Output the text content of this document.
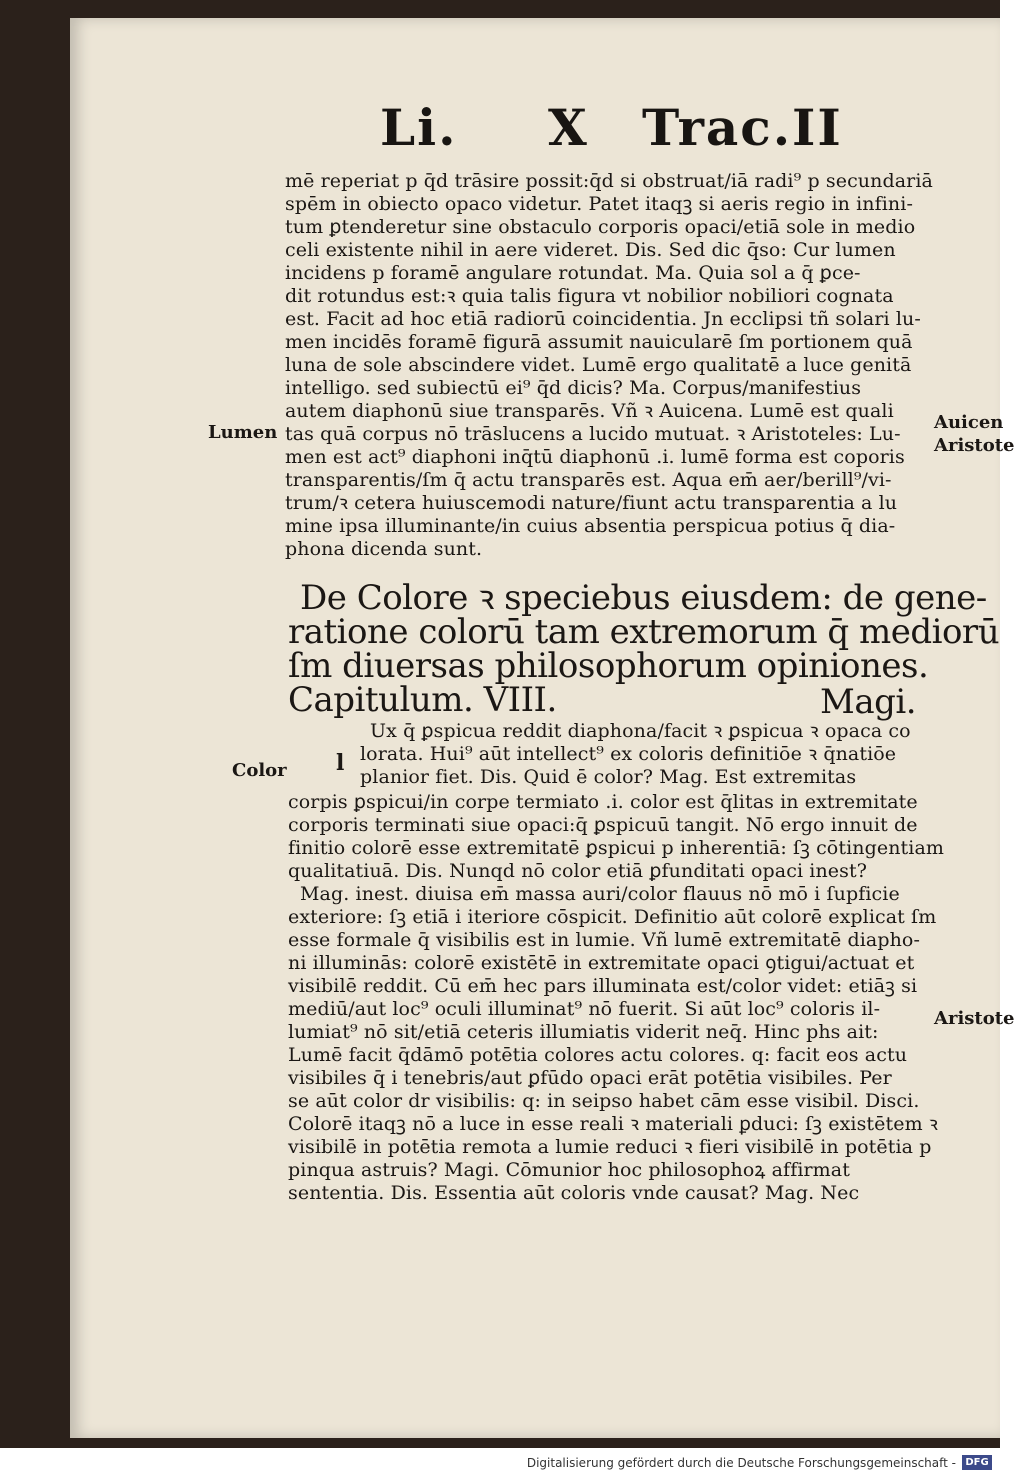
Li. X Trac. II
mē reperiat p q̄d trāsire possit:q̄d si obstruat/iā radi⁹ p secundariā
spēm in obiecto opaco videtur. Patet itaqꝫ si aeris regio in infini-
tum ꝑtenderetur sine obstaculo corporis opaci/etiā sole in medio
celi existente nihil in aere videret. Dis. Sed dic q̄so: Cur lumen
incidens p foramē angulare rotundat. Ma. Quia sol a q̄ ꝑce-
dit rotundus est:ꝛ quia talis figura vt nobilior nobiliori cognata
est. Facit ad hoc etiā radiorū coincidentia. Jn ecclipsi tñ solari lu-
men incidēs foramē figurā assumit nauicularē ſm portionem quā
luna de sole abscindere videt. Lumē ergo qualitatē a luce genitā
intelligo. sed subiectū ei⁹ q̄d dicis? Ma. Corpus/manifestius
autem diaphonū siue transparēs. Vñ ꝛ Auicena. Lumē est quali
tas quā corpus nō trāslucens a lucido mutuat. ꝛ Aristoteles: Lu-
men est act⁹ diaphoni inq̄tū diaphonū .i. lumē forma est coporis
transparentis/ſm q̄ actu transparēs est. Aqua em̄ aer/berill⁹/vi-
trum/ꝛ cetera huiuscemodi nature/fiunt actu transparentia a lu
mine ipsa illuminante/in cuius absentia perspicua potius q̄ dia-
phona dicenda sunt.
De Colore ꝛ speciebus eiusdem: de gene-
ratione colorū tam extremorum q̄ mediorū
ſm diuersas philosophorum opiniones.
Capitulum. VIII.	Magi.
l
Ux q̄ ꝑspicua reddit diaphona/facit ꝛ ꝑspicua ꝛ opaca co
lorata. Hui⁹ aūt intellect⁹ ex coloris definitiōe ꝛ q̄natiōe
planior fiet. Dis. Quid ē color? Mag. Est extremitas
corpis ꝑspicui/in corpe termiato .i. color est q̄litas in extremitate
corporis terminati siue opaci:q̄ ꝑspicuū tangit. Nō ergo innuit de
finitio colorē esse extremitatē ꝑspicui p inherentiā: ſꝫ cōtingentiam
qualitatiuā. Dis. Nunqd nō color etiā ꝑfunditati opaci inest?
Mag. inest. diuisa em̄ massa auri/color flauus nō mō i ſupficie
exteriore: ſꝫ etiā i iteriore cōspicit. Definitio aūt colorē explicat ſm
esse formale q̄ visibilis est in lumie. Vñ lumē extremitatē diapho-
ni illuminās: colorē existētē in extremitate opaci ꝯtigui/actuat et
visibilē reddit. Cū em̄ hec pars illuminata est/color videt: etiāꝫ si
mediū/aut loc⁹ oculi illuminat⁹ nō fuerit. Si aūt loc⁹ coloris il-
lumiat⁹ nō sit/etiā ceteris illumiatis viderit neq̄. Hinc phs ait:
Lumē facit q̄dāmō potētia colores actu colores. q: facit eos actu
visibiles q̄ i tenebris/aut ꝑfūdo opaci erāt potētia visibiles. Per
se aūt color dr visibilis: q: in seipso habet cām esse visibil. Disci.
Colorē itaqꝫ nō a luce in esse reali ꝛ materiali ꝑduci: ſꝫ existētem ꝛ
visibilē in potētia remota a lumie reduci ꝛ fieri visibilē in potētia p
pinqua astruis? Magi. Cōmunior hoc philosophoꝝ affirmat
sententia. Dis. Essentia aūt coloris vnde causat? Mag. Nec
Lumen
Color
Auicen
Aristote
Aristote
Digitalisierung gefördert durch die Deutsche Forschungsgemeinschaft - DFG
